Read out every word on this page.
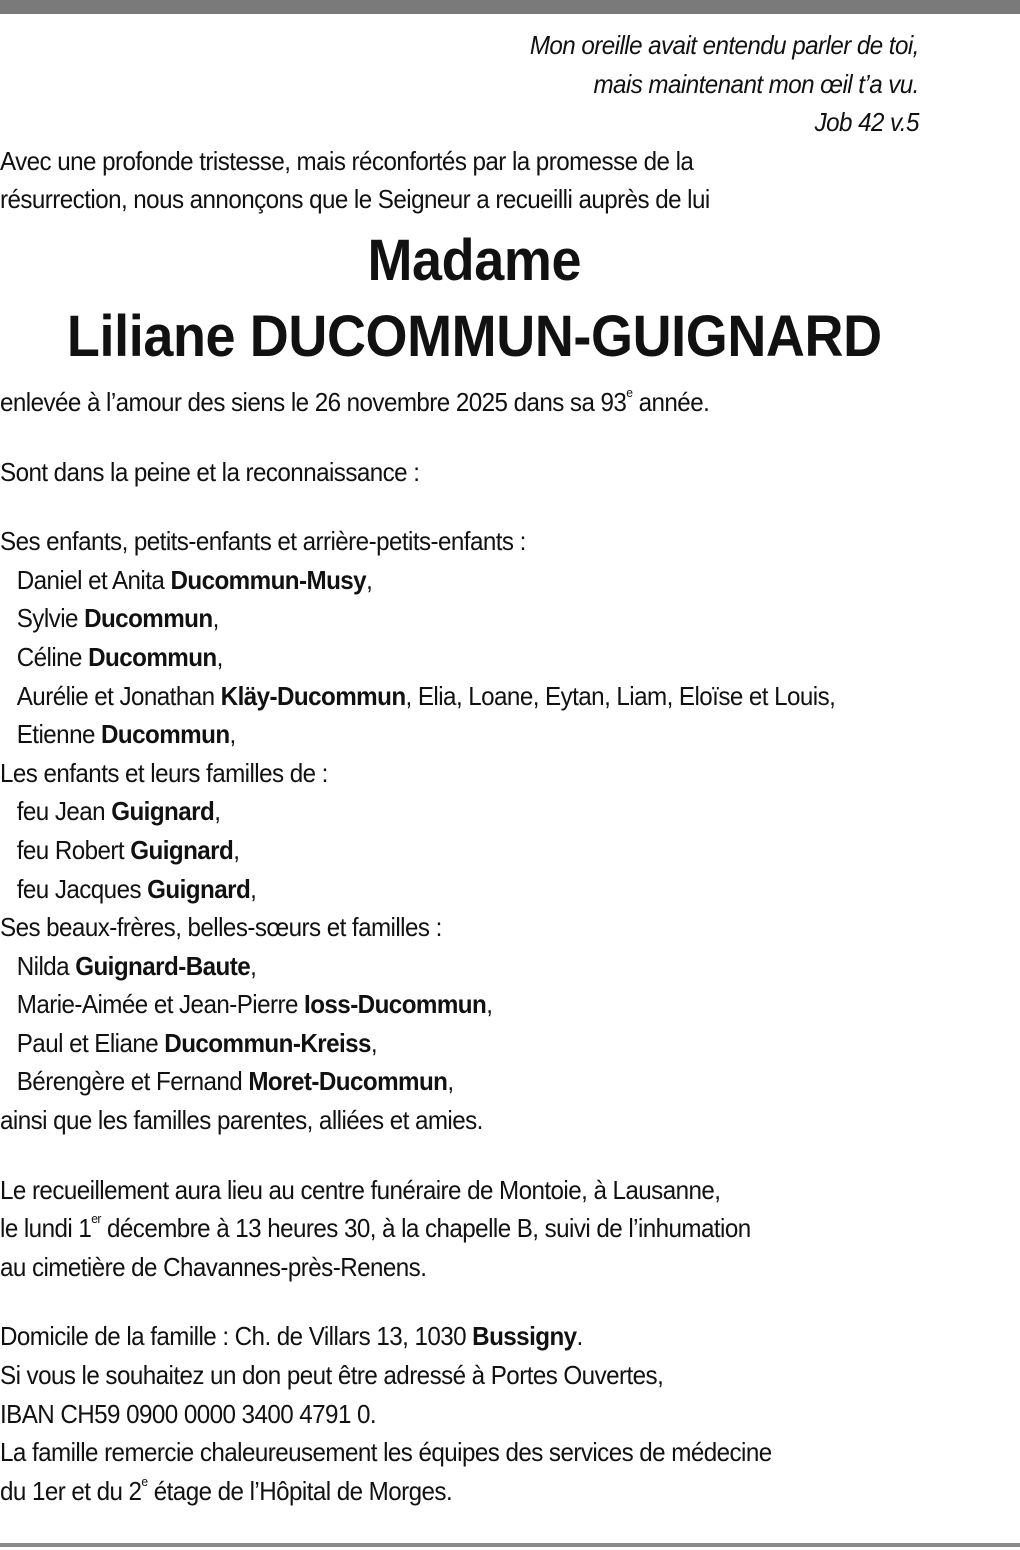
Mon oreille avait entendu parler de toi,
mais maintenant mon œil t’a vu.
Job 42 v.5
Avec une profonde tristesse, mais réconfortés par la promesse de la
résurrection, nous annonçons que le Seigneur a recueilli auprès de lui
Madame
Liliane DUCOMMUN-GUIGNARD
enlevée à l’amour des siens le 26 novembre 2025 dans sa 93e année.
Sont dans la peine et la reconnaissance :
Ses enfants, petits-enfants et arrière-petits-enfants :
Daniel et Anita Ducommun-Musy,
Sylvie Ducommun,
Céline Ducommun,
Aurélie et Jonathan Kläy-Ducommun, Elia, Loane, Eytan, Liam, Eloïse et Louis,
Etienne Ducommun,
Les enfants et leurs familles de :
feu Jean Guignard,
feu Robert Guignard,
feu Jacques Guignard,
Ses beaux-frères, belles-sœurs et familles :
Nilda Guignard-Baute,
Marie-Aimée et Jean-Pierre Ioss-Ducommun,
Paul et Eliane Ducommun-Kreiss,
Bérengère et Fernand Moret-Ducommun,
ainsi que les familles parentes, alliées et amies.
Le recueillement aura lieu au centre funéraire de Montoie, à Lausanne,
le lundi 1er décembre à 13 heures 30, à la chapelle B, suivi de l’inhumation
au cimetière de Chavannes-près-Renens.
Domicile de la famille : Ch. de Villars 13, 1030 Bussigny.
Si vous le souhaitez un don peut être adressé à Portes Ouvertes,
IBAN CH59 0900 0000 3400 4791 0.
La famille remercie chaleureusement les équipes des services de médecine
du 1er et du 2e étage de l’Hôpital de Morges.
